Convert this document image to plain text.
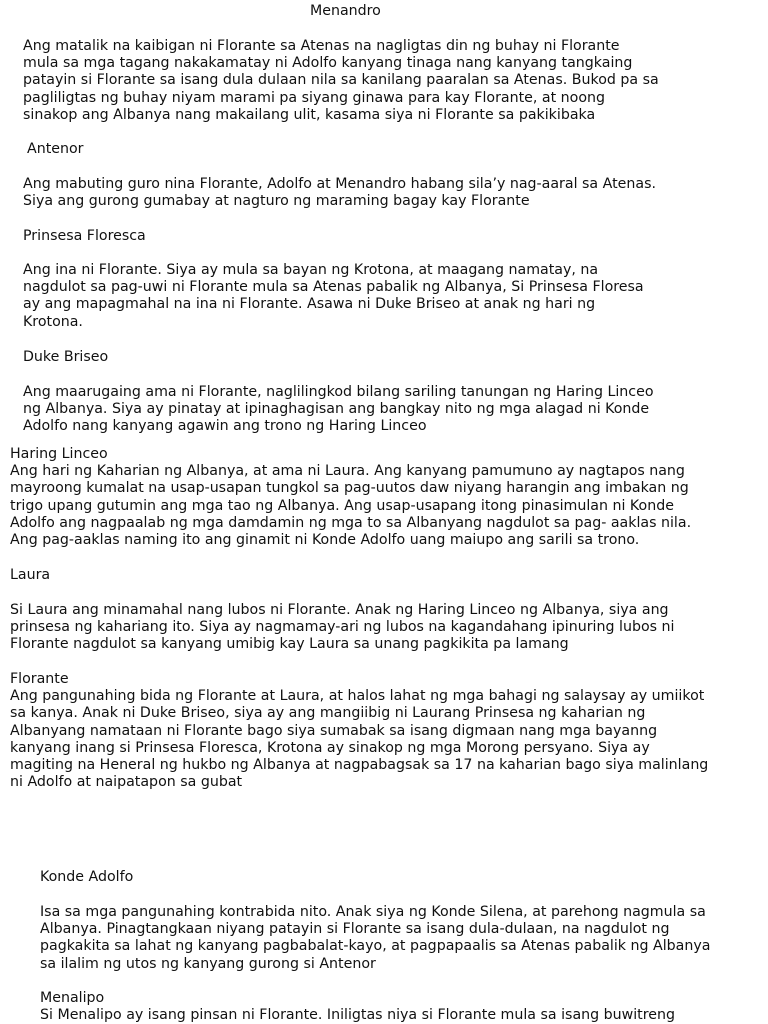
Menandro
Ang matalik na kaibigan ni Florante sa Atenas na nagligtas din ng buhay ni Florante
mula sa mga tagang nakakamatay ni Adolfo kanyang tinaga nang kanyang tangkaing
patayin si Florante sa isang dula dulaan nila sa kanilang paaralan sa Atenas. Bukod pa sa
pagliligtas ng buhay niyam marami pa siyang ginawa para kay Florante, at noong
sinakop ang Albanya nang makailang ulit, kasama siya ni Florante sa pakikibaka
Antenor
Ang mabuting guro nina Florante, Adolfo at Menandro habang sila’y nag-aaral sa Atenas.
Siya ang gurong gumabay at nagturo ng maraming bagay kay Florante
Prinsesa Floresca
Ang ina ni Florante. Siya ay mula sa bayan ng Krotona, at maagang namatay, na
nagdulot sa pag-uwi ni Florante mula sa Atenas pabalik ng Albanya, Si Prinsesa Floresa
ay ang mapagmahal na ina ni Florante. Asawa ni Duke Briseo at anak ng hari ng
Krotona.
Duke Briseo
Ang maarugaing ama ni Florante, naglilingkod bilang sariling tanungan ng Haring Linceo
ng Albanya. Siya ay pinatay at ipinaghagisan ang bangkay nito ng mga alagad ni Konde
Adolfo nang kanyang agawin ang trono ng Haring Linceo
Haring Linceo
Ang hari ng Kaharian ng Albanya, at ama ni Laura. Ang kanyang pamumuno ay nagtapos nang
mayroong kumalat na usap-usapan tungkol sa pag-uutos daw niyang harangin ang imbakan ng
trigo upang gutumin ang mga tao ng Albanya. Ang usap-usapang itong pinasimulan ni Konde
Adolfo ang nagpaalab ng mga damdamin ng mga to sa Albanyang nagdulot sa pag- aaklas nila.
Ang pag-aaklas naming ito ang ginamit ni Konde Adolfo uang maiupo ang sarili sa trono.
Laura
Si Laura ang minamahal nang lubos ni Florante. Anak ng Haring Linceo ng Albanya, siya ang
prinsesa ng kahariang ito. Siya ay nagmamay-ari ng lubos na kagandahang ipinuring lubos ni
Florante nagdulot sa kanyang umibig kay Laura sa unang pagkikita pa lamang
Florante
Ang pangunahing bida ng Florante at Laura, at halos lahat ng mga bahagi ng salaysay ay umiikot
sa kanya. Anak ni Duke Briseo, siya ay ang mangiibig ni Laurang Prinsesa ng kaharian ng
Albanyang namataan ni Florante bago siya sumabak sa isang digmaan nang mga bayanng
kanyang inang si Prinsesa Floresca, Krotona ay sinakop ng mga Morong persyano. Siya ay
magiting na Heneral ng hukbo ng Albanya at nagpabagsak sa 17 na kaharian bago siya malinlang
ni Adolfo at naipatapon sa gubat
Konde Adolfo
Isa sa mga pangunahing kontrabida nito. Anak siya ng Konde Silena, at parehong nagmula sa
Albanya. Pinagtangkaan niyang patayin si Florante sa isang dula-dulaan, na nagdulot ng
pagkakita sa lahat ng kanyang pagbabalat-kayo, at pagpapaalis sa Atenas pabalik ng Albanya
sa ilalim ng utos ng kanyang gurong si Antenor
Menalipo
Si Menalipo ay isang pinsan ni Florante. Iniligtas niya si Florante mula sa isang buwitreng
